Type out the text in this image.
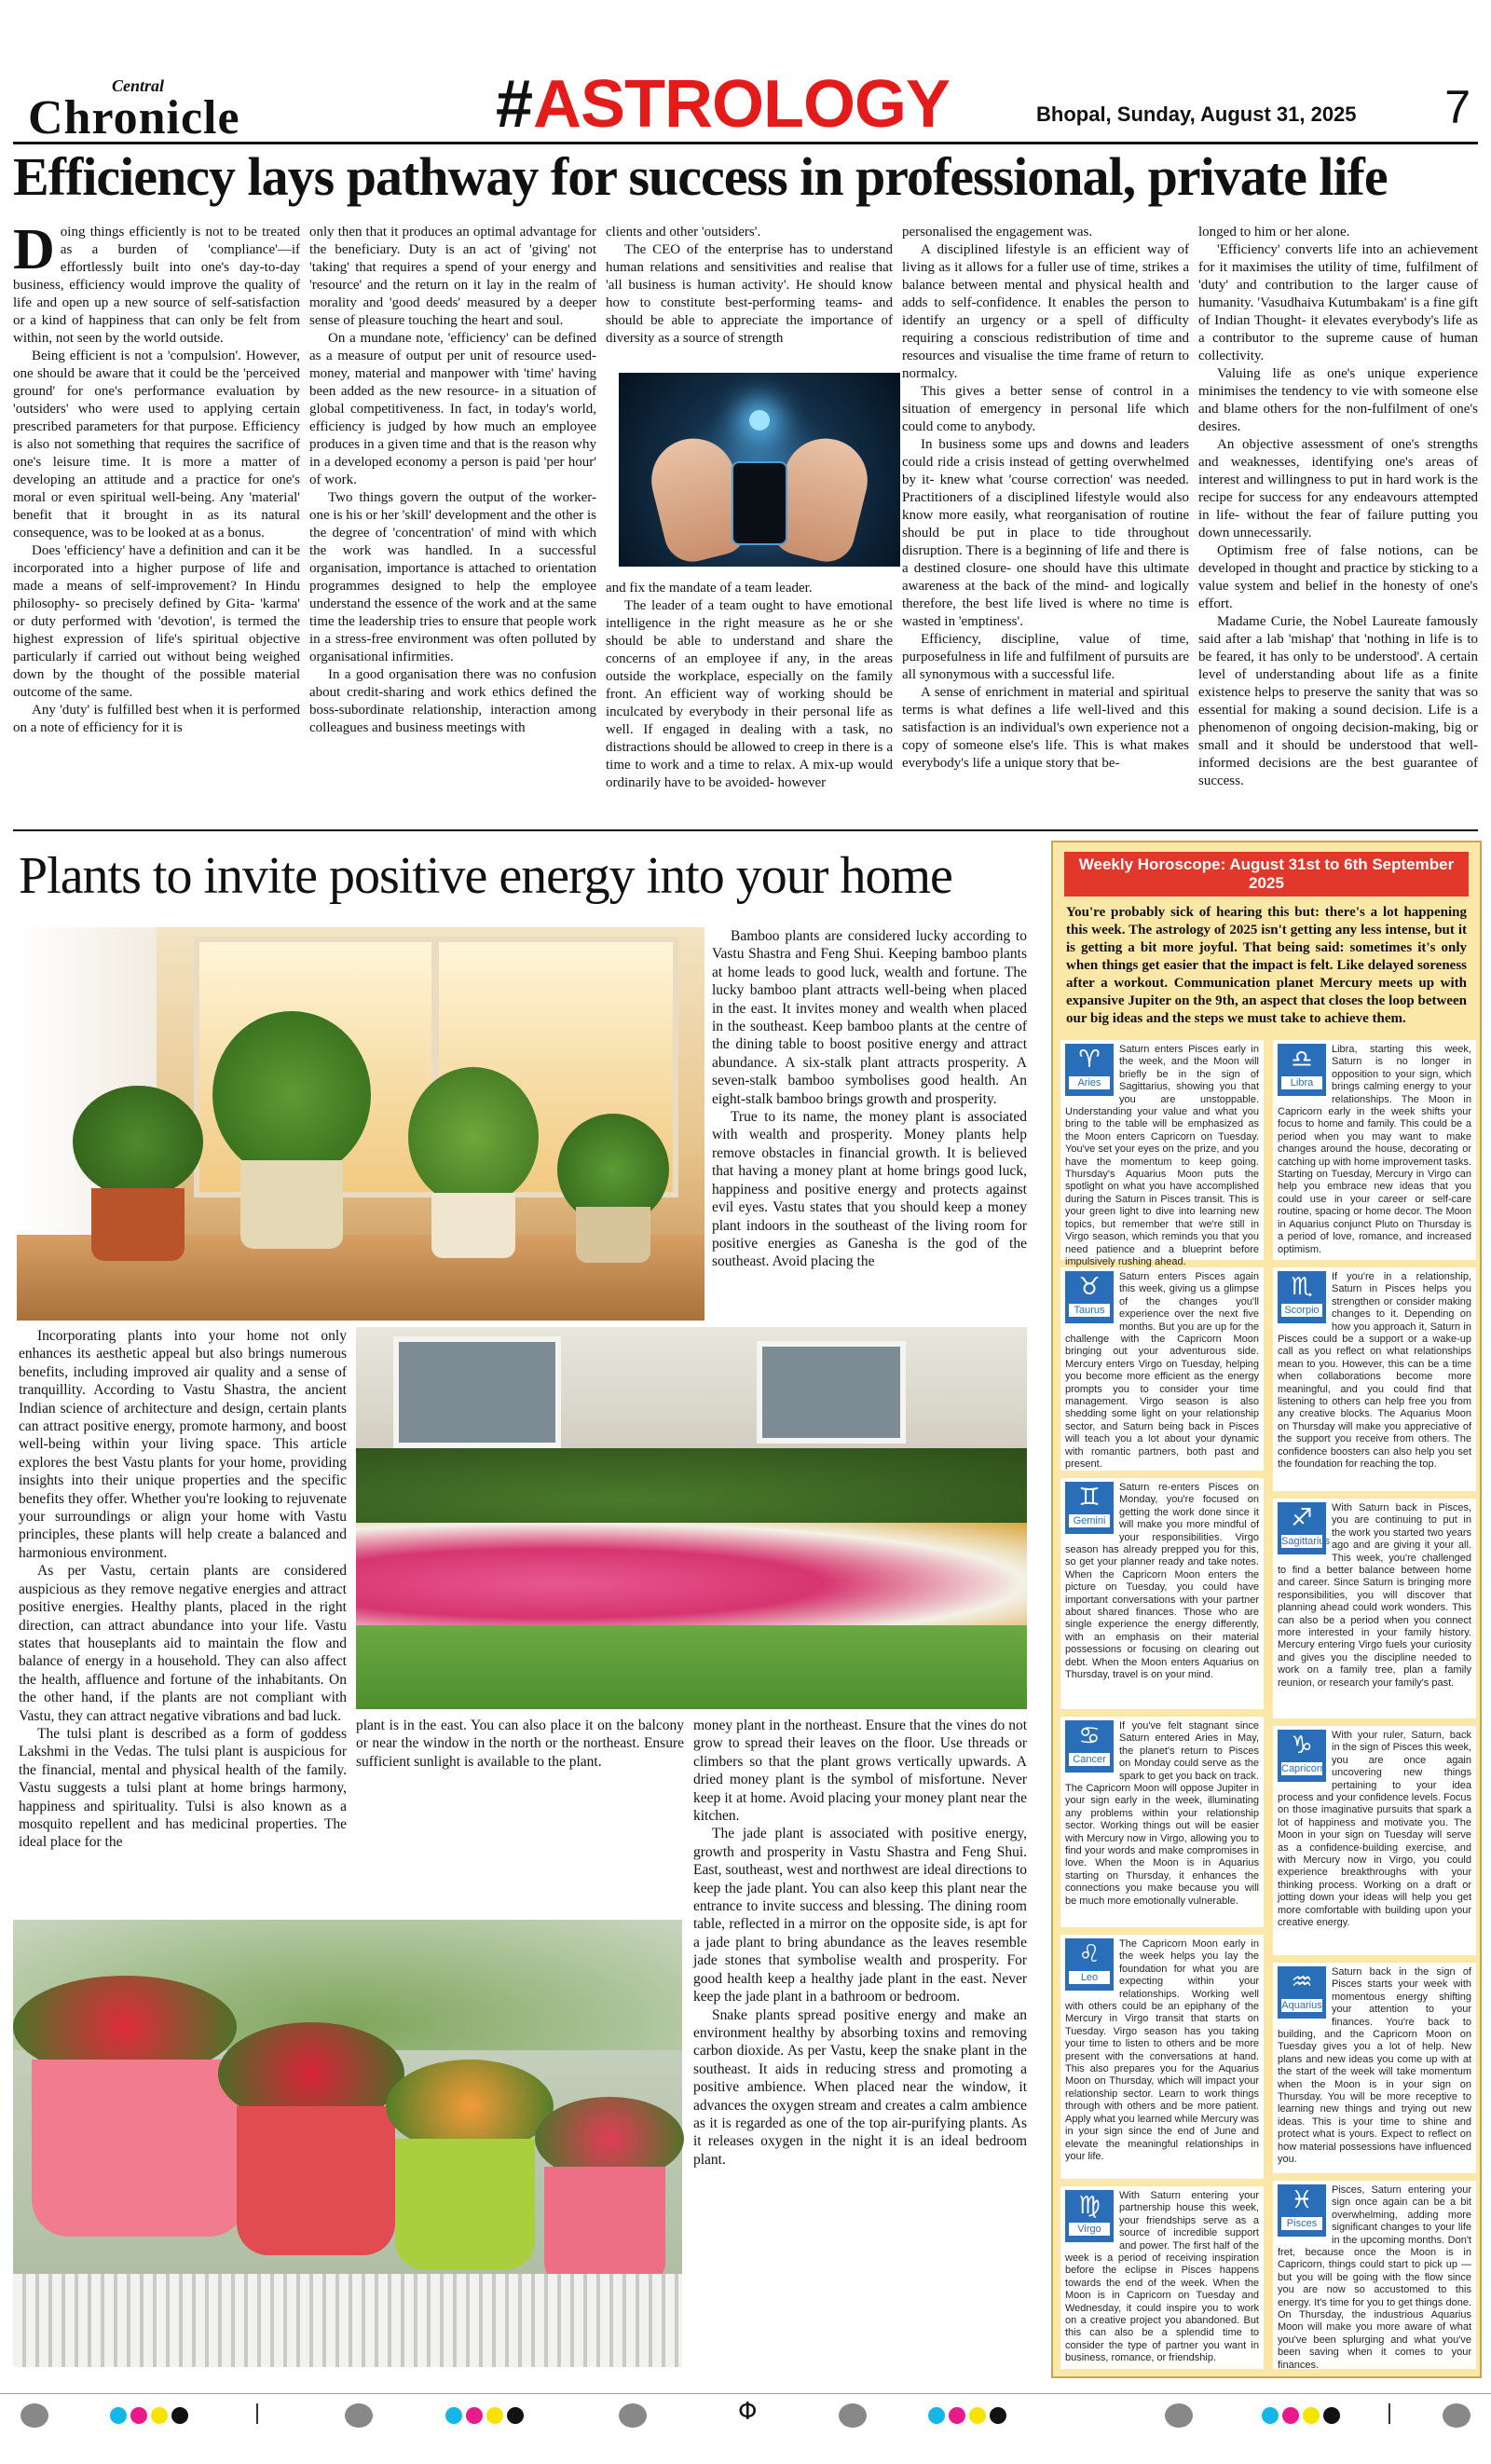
Central
Chronicle	#ASTROLOGY	Bhopal, Sunday, August 31, 2025 7
Efficiency lays pathway for success in professional, private life

Doing things efficiently is not to be treated as a burden of 'compliance'—if effortlessly built into one's day-to-day business, efficiency would improve the quality of life and open up a new source of self-satisfaction or a kind of happiness that can only be felt from within, not seen by the world outside.

Being efficient is not a 'compulsion'. However, one should be aware that it could be the 'perceived ground' for one's performance evaluation by 'outsiders' who were used to applying certain prescribed parameters for that purpose. Efficiency is also not something that requires the sacrifice of one's leisure time. It is more a matter of developing an attitude and a practice for one's moral or even spiritual well-being. Any 'material' benefit that it brought in as its natural consequence, was to be looked at as a bonus.

Does 'efficiency' have a definition and can it be incorporated into a higher purpose of life and made a means of self-improvement? In Hindu philosophy- so precisely defined by Gita- 'karma' or duty performed with 'devotion', is termed the highest expression of life's spiritual objective particularly if carried out without being weighed down by the thought of the possible material outcome of the same.

Any 'duty' is fulfilled best when it is performed on a note of efficiency for it is

only then that it produces an optimal advantage for the beneficiary. Duty is an act of 'giving' not 'taking' that requires a spend of your energy and 'resource' and the return on it lay in the realm of morality and 'good deeds' measured by a deeper sense of pleasure touching the heart and soul.

On a mundane note, 'efficiency' can be defined as a measure of output per unit of resource used- money, material and manpower with 'time' having been added as the new resource- in a situation of global competitiveness. In fact, in today's world, efficiency is judged by how much an employee produces in a given time and that is the reason why in a developed economy a person is paid 'per hour' of work.

Two things govern the output of the worker- one is his or her 'skill' development and the other is the degree of 'concentration' of mind with which the work was handled. In a successful organisation, importance is attached to orientation programmes designed to help the employee understand the essence of the work and at the same time the leadership tries to ensure that people work in a stress-free environment was often polluted by organisational infirmities.

In a good organisation there was no confusion about credit-sharing and work ethics defined the boss-subordinate relationship, interaction among colleagues and business meetings with

clients and other 'outsiders'.

The CEO of the enterprise has to understand human relations and sensitivities and realise that 'all business is human activity'. He should know how to constitute best-performing teams- and should be able to appreciate the importance of diversity as a source of strength

and fix the mandate of a team leader.

The leader of a team ought to have emotional intelligence in the right measure as he or she should be able to understand and share the concerns of an employee if any, in the areas outside the workplace, especially on the family front. An efficient way of working should be inculcated by everybody in their personal life as well. If engaged in dealing with a task, no distractions should be allowed to creep in there is a time to work and a time to relax. A mix-up would ordinarily have to be avoided- however

personalised the engagement was.

A disciplined lifestyle is an efficient way of living as it allows for a fuller use of time, strikes a balance between mental and physical health and adds to self-confidence. It enables the person to identify an urgency or a spell of difficulty requiring a conscious redistribution of time and resources and visualise the time frame of return to normalcy.

This gives a better sense of control in a situation of emergency in personal life which could come to anybody.

In business some ups and downs and leaders could ride a crisis instead of getting overwhelmed by it- knew what 'course correction' was needed. Practitioners of a disciplined lifestyle would also know more easily, what reorganisation of routine should be put in place to tide throughout disruption. There is a beginning of life and there is a destined closure- one should have this ultimate awareness at the back of the mind- and logically therefore, the best life lived is where no time is wasted in 'emptiness'.

Efficiency, discipline, value of time, purposefulness in life and fulfilment of pursuits are all synonymous with a successful life.

A sense of enrichment in material and spiritual terms is what defines a life well-lived and this satisfaction is an individual's own experience not a copy of someone else's life. This is what makes everybody's life a unique story that be-

longed to him or her alone.

'Efficiency' converts life into an achievement for it maximises the utility of time, fulfilment of 'duty' and contribution to the larger cause of humanity. 'Vasudhaiva Kutumbakam' is a fine gift of Indian Thought- it elevates everybody's life as a contributor to the supreme cause of human collectivity.

Valuing life as one's unique experience minimises the tendency to vie with someone else and blame others for the non-fulfilment of one's desires.

An objective assessment of one's strengths and weaknesses, identifying one's areas of interest and willingness to put in hard work is the recipe for success for any endeavours attempted in life- without the fear of failure putting you down unnecessarily.

Optimism free of false notions, can be developed in thought and practice by sticking to a value system and belief in the honesty of one's effort.

Madame Curie, the Nobel Laureate famously said after a lab 'mishap' that 'nothing in life is to be feared, it has only to be understood'. A certain level of understanding about life as a finite existence helps to preserve the sanity that was so essential for making a sound decision. Life is a phenomenon of ongoing decision-making, big or small and it should be understood that well-informed decisions are the best guarantee of success.

Plants to invite positive energy into your home

Bamboo plants are considered lucky according to Vastu Shastra and Feng Shui. Keeping bamboo plants at home leads to good luck, wealth and fortune. The lucky bamboo plant attracts well-being when placed in the east. It invites money and wealth when placed in the southeast. Keep bamboo plants at the centre of the dining table to boost positive energy and attract abundance. A six-stalk plant attracts prosperity. A seven-stalk bamboo symbolises good health. An eight-stalk bamboo brings growth and prosperity.

True to its name, the money plant is associated with wealth and prosperity. Money plants help remove obstacles in financial growth. It is believed that having a money plant at home brings good luck, happiness and positive energy and protects against evil eyes. Vastu states that you should keep a money plant indoors in the southeast of the living room for positive energies as Ganesha is the god of the southeast. Avoid placing the

Incorporating plants into your home not only enhances its aesthetic appeal but also brings numerous benefits, including improved air quality and a sense of tranquillity. According to Vastu Shastra, the ancient Indian science of architecture and design, certain plants can attract positive energy, promote harmony, and boost well-being within your living space. This article explores the best Vastu plants for your home, providing insights into their unique properties and the specific benefits they offer. Whether you're looking to rejuvenate your surroundings or align your home with Vastu principles, these plants will help create a balanced and harmonious environment.

As per Vastu, certain plants are considered auspicious as they remove negative energies and attract positive energies. Healthy plants, placed in the right direction, can attract abundance into your life. Vastu states that houseplants aid to maintain the flow and balance of energy in a household. They can also affect the health, affluence and fortune of the inhabitants. On the other hand, if the plants are not compliant with Vastu, they can attract negative vibrations and bad luck.

The tulsi plant is described as a form of goddess Lakshmi in the Vedas. The tulsi plant is auspicious for the financial, mental and physical health of the family. Vastu suggests a tulsi plant at home brings harmony, happiness and spirituality. Tulsi is also known as a mosquito repellent and has medicinal properties. The ideal place for the

plant is in the east. You can also place it on the balcony or near the window in the north or the northeast. Ensure sufficient sunlight is available to the plant.

money plant in the northeast. Ensure that the vines do not grow to spread their leaves on the floor. Use threads or climbers so that the plant grows vertically upwards. A dried money plant is the symbol of misfortune. Never keep it at home. Avoid placing your money plant near the kitchen.

The jade plant is associated with positive energy, growth and prosperity in Vastu Shastra and Feng Shui. East, southeast, west and northwest are ideal directions to keep the jade plant. You can also keep this plant near the entrance to invite success and blessing. The dining room table, reflected in a mirror on the opposite side, is apt for a jade plant to bring abundance as the leaves resemble jade stones that symbolise wealth and prosperity. For good health keep a healthy jade plant in the east. Never keep the jade plant in a bathroom or bedroom.

Snake plants spread positive energy and make an environment healthy by absorbing toxins and removing carbon dioxide. As per Vastu, keep the snake plant in the southeast. It aids in reducing stress and promoting a positive ambience. When placed near the window, it advances the oxygen stream and creates a calm ambience as it is regarded as one of the top air-purifying plants. As it releases oxygen in the night it is an ideal bedroom plant.

Weekly Horoscope: August 31st to 6th September 2025

You're probably sick of hearing this but: there's a lot happening this week. The astrology of 2025 isn't getting any less intense, but it is getting a bit more joyful. That being said: sometimes it's only when things get easier that the impact is felt. Like delayed soreness after a workout. Communication planet Mercury meets up with expansive Jupiter on the 9th, an aspect that closes the loop between our big ideas and the steps we must take to achieve them.

♈
Aries
Saturn enters Pisces early in the week, and the Moon will briefly be in the sign of Sagittarius, showing you that you are unstoppable. Understanding your value and what you bring to the table will be emphasized as the Moon enters Capricorn on Tuesday. You've set your eyes on the prize, and you have the momentum to keep going. Thursday's Aquarius Moon puts the spotlight on what you have accomplished during the Saturn in Pisces transit. This is your green light to dive into learning new topics, but remember that we're still in Virgo season, which reminds you that you need patience and a blueprint before impulsively rushing ahead.
♉
Taurus
Saturn enters Pisces again this week, giving us a glimpse of the changes you'll experience over the next five months. But you are up for the challenge with the Capricorn Moon bringing out your adventurous side. Mercury enters Virgo on Tuesday, helping you become more efficient as the energy prompts you to consider your time management. Virgo season is also shedding some light on your relationship sector, and Saturn being back in Pisces will teach you a lot about your dynamic with romantic partners, both past and present.
♊
Gemini
Saturn re-enters Pisces on Monday, you're focused on getting the work done since it will make you more mindful of your responsibilities. Virgo season has already prepped you for this, so get your planner ready and take notes. When the Capricorn Moon enters the picture on Tuesday, you could have important conversations with your partner about shared finances. Those who are single experience the energy differently, with an emphasis on their material possessions or focusing on clearing out debt. When the Moon enters Aquarius on Thursday, travel is on your mind.
♋
Cancer
If you've felt stagnant since Saturn entered Aries in May, the planet's return to Pisces on Monday could serve as the spark to get you back on track. The Capricorn Moon will oppose Jupiter in your sign early in the week, illuminating any problems within your relationship sector. Working things out will be easier with Mercury now in Virgo, allowing you to find your words and make compromises in love. When the Moon is in Aquarius starting on Thursday, it enhances the connections you make because you will be much more emotionally vulnerable.
♌
Leo
The Capricorn Moon early in the week helps you lay the foundation for what you are expecting within your relationships. Working well with others could be an epiphany of the Mercury in Virgo transit that starts on Tuesday. Virgo season has you taking your time to listen to others and be more present with the conversations at hand. This also prepares you for the Aquarius Moon on Thursday, which will impact your relationship sector. Learn to work things through with others and be more patient. Apply what you learned while Mercury was in your sign since the end of June and elevate the meaningful relationships in your life.
♍
Virgo
With Saturn entering your partnership house this week, your friendships serve as a source of incredible support and power. The first half of the week is a period of receiving inspiration before the eclipse in Pisces happens towards the end of the week. When the Moon is in Capricorn on Tuesday and Wednesday, it could inspire you to work on a creative project you abandoned. But this can also be a splendid time to consider the type of partner you want in business, romance, or friendship.
♎
Libra
Libra, starting this week, Saturn is no longer in opposition to your sign, which brings calming energy to your relationships. The Moon in Capricorn early in the week shifts your focus to home and family. This could be a period when you may want to make changes around the house, decorating or catching up with home improvement tasks. Starting on Tuesday, Mercury in Virgo can help you embrace new ideas that you could use in your career or self-care routine, spacing or home decor. The Moon in Aquarius conjunct Pluto on Thursday is a period of love, romance, and increased optimism.
♏
Scorpio
If you're in a relationship, Saturn in Pisces helps you strengthen or consider making changes to it. Depending on how you approach it, Saturn in Pisces could be a support or a wake-up call as you reflect on what relationships mean to you. However, this can be a time when collaborations become more meaningful, and you could find that listening to others can help free you from any creative blocks. The Aquarius Moon on Thursday will make you appreciative of the support you receive from others. The confidence boosters can also help you set the foundation for reaching the top.
♐
Sagittarius
With Saturn back in Pisces, you are continuing to put in the work you started two years ago and are giving it your all. This week, you're challenged to find a better balance between home and career. Since Saturn is bringing more responsibilities, you will discover that planning ahead could work wonders. This can also be a period when you connect more interested in your family history. Mercury entering Virgo fuels your curiosity and gives you the discipline needed to work on a family tree, plan a family reunion, or research your family's past.
♑
Capricorn
With your ruler, Saturn, back in the sign of Pisces this week, you are once again uncovering new things pertaining to your idea process and your confidence levels. Focus on those imaginative pursuits that spark a lot of happiness and motivate you. The Moon in your sign on Tuesday will serve as a confidence-building exercise, and with Mercury now in Virgo, you could experience breakthroughs with your thinking process. Working on a draft or jotting down your ideas will help you get more comfortable with building upon your creative energy.
♒
Aquarius
Saturn back in the sign of Pisces starts your week with momentous energy shifting your attention to your finances. You're back to building, and the Capricorn Moon on Tuesday gives you a lot of help. New plans and new ideas you come up with at the start of the week will take momentum when the Moon is in your sign on Thursday. You will be more receptive to learning new things and trying out new ideas. This is your time to shine and protect what is yours. Expect to reflect on how material possessions have influenced you.
♓
Pisces
Pisces, Saturn entering your sign once again can be a bit overwhelming, adding more significant changes to your life in the upcoming months. Don't fret, because once the Moon is in Capricorn, things could start to pick up — but you will be going with the flow since you are now so accustomed to this energy. It's time for you to get things done. On Thursday, the industrious Aquarius Moon will make you more aware of what you've been splurging and what you've been saving when it comes to your finances.
Φ
